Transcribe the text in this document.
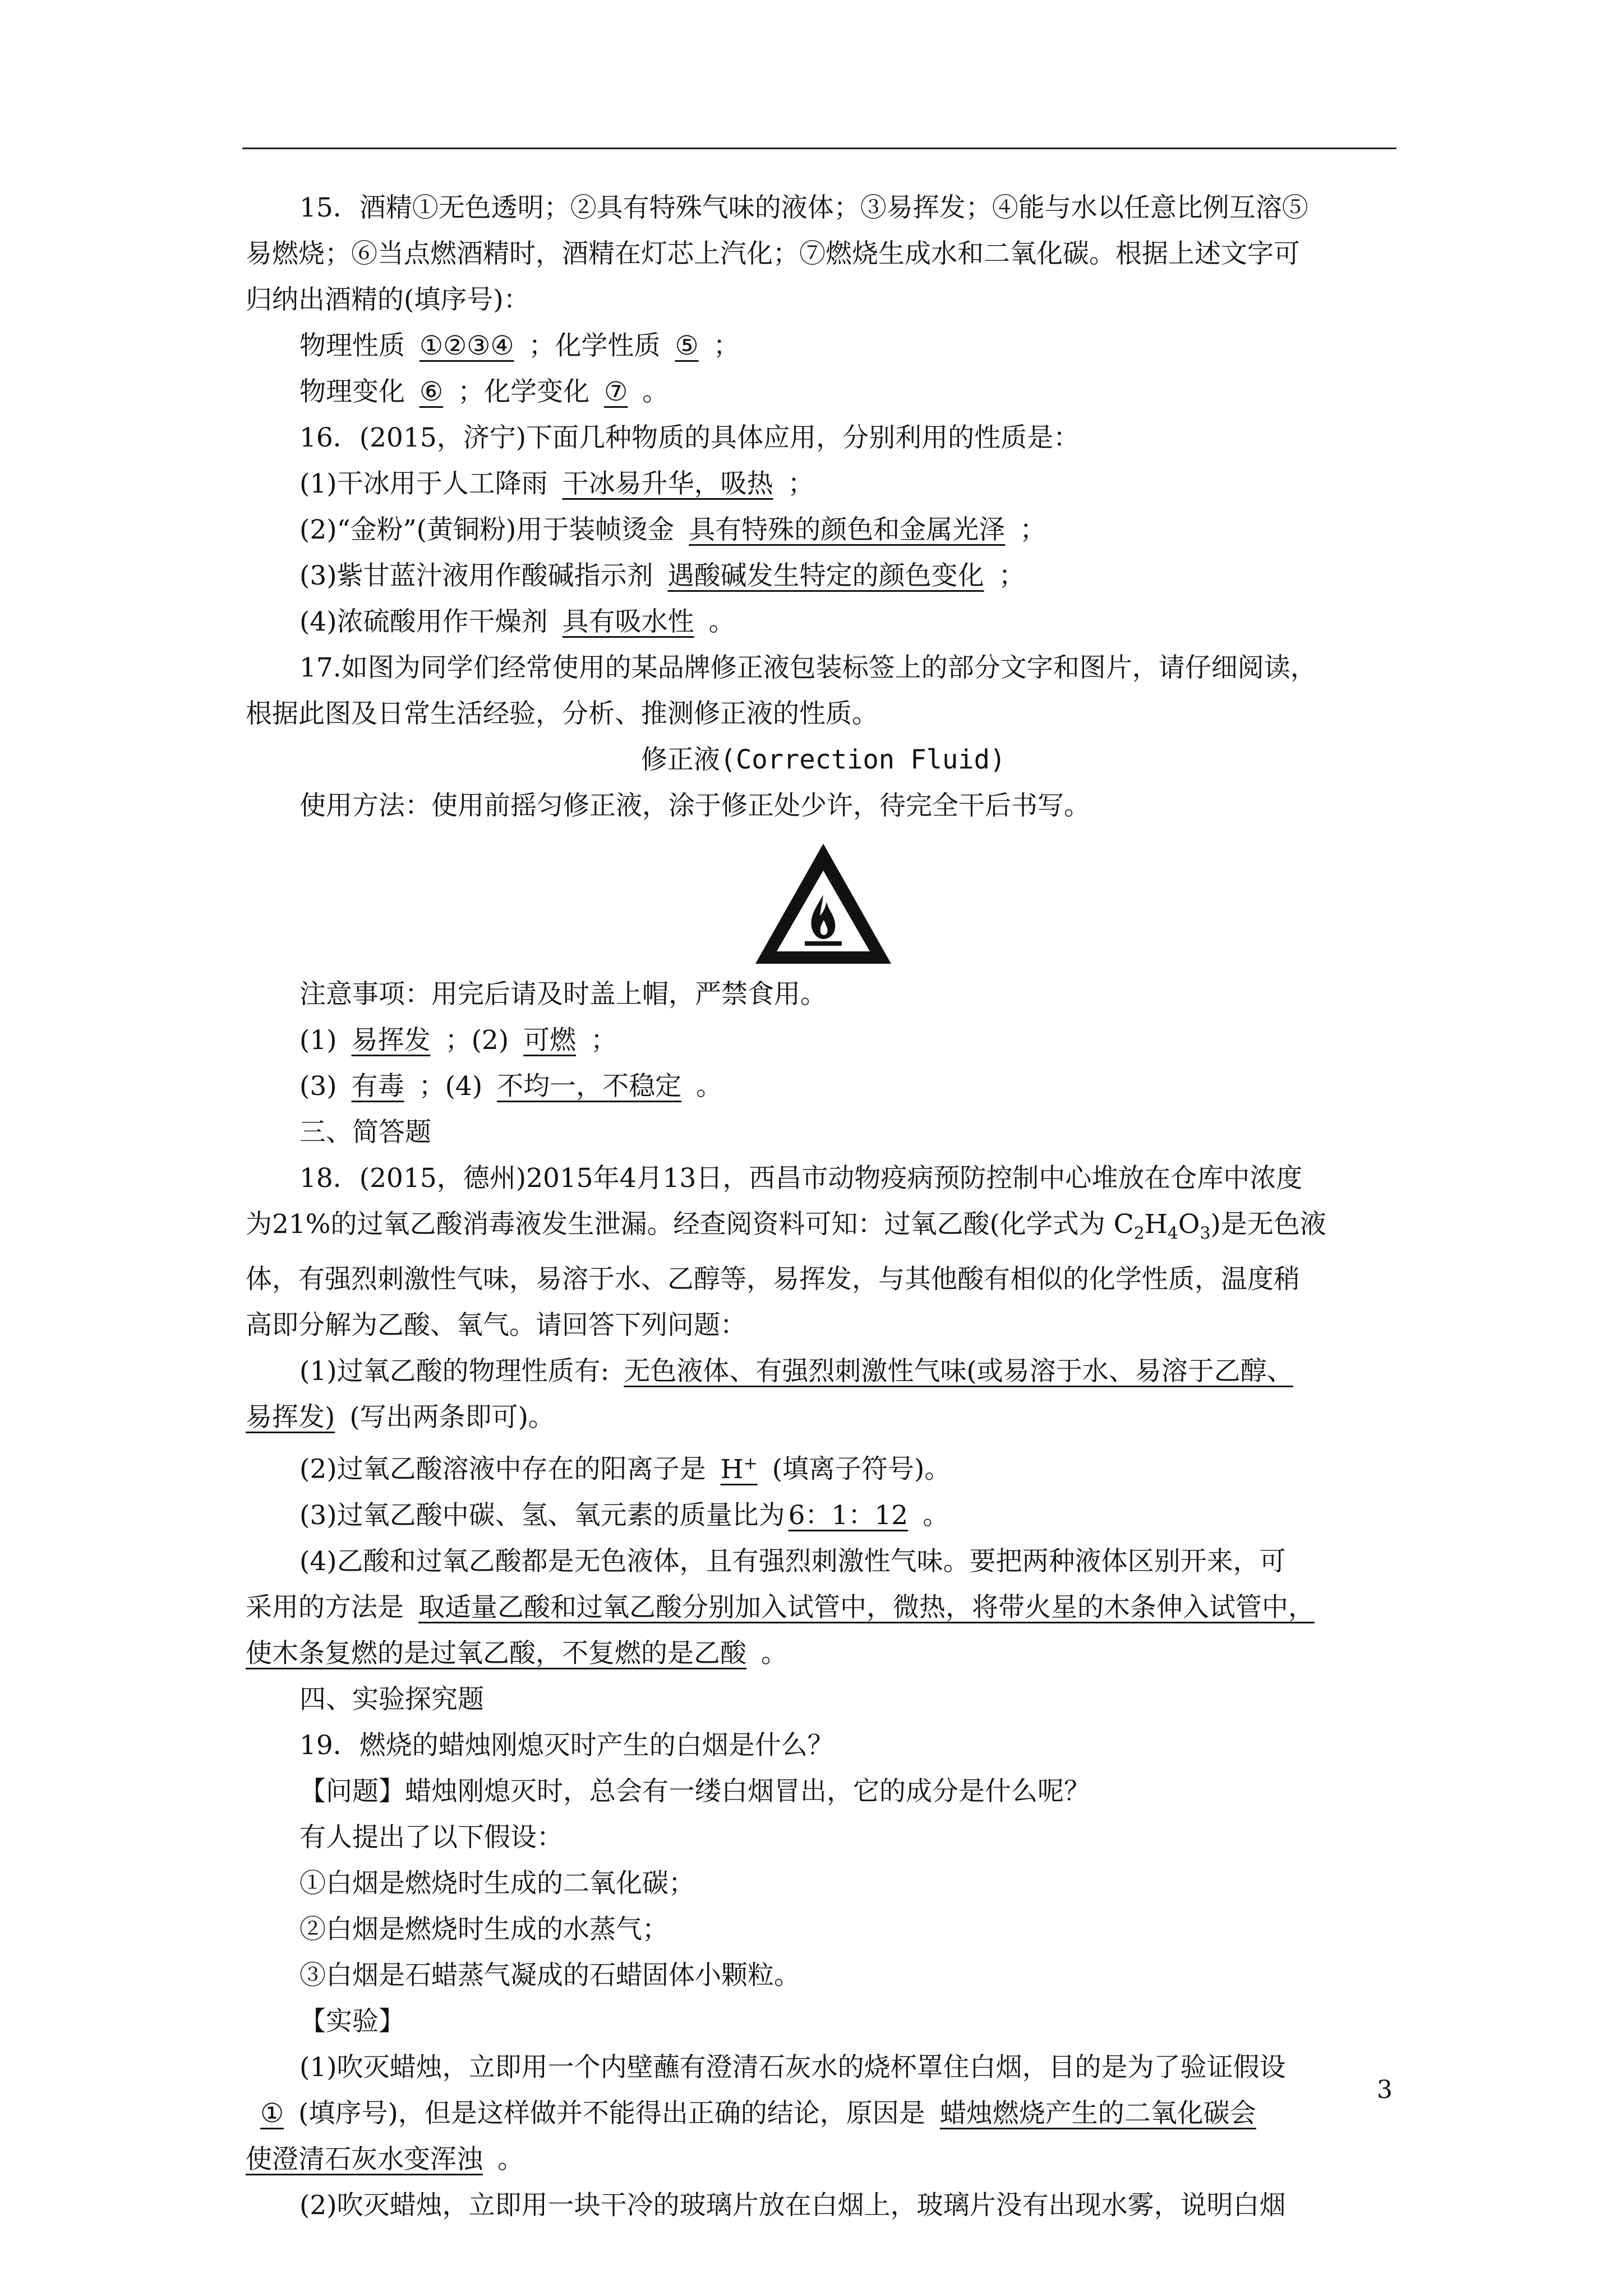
15．酒精①无色透明；②具有特殊气味的液体；③易挥发；④能与水以任意比例互溶⑤

易燃烧；⑥当点燃酒精时，酒精在灯芯上汽化；⑦燃烧生成水和二氧化碳。根据上述文字可

归纳出酒精的(填序号)：

物理性质 ①②③④ ；化学性质 ⑤ ；

物理变化 ⑥ ；化学变化 ⑦ 。

16．(2015，济宁)下面几种物质的具体应用，分别利用的性质是：

(1)干冰用于人工降雨 干冰易升华，吸热 ；

(2)“金粉”(黄铜粉)用于装帧烫金 具有特殊的颜色和金属光泽 ；

(3)紫甘蓝汁液用作酸碱指示剂 遇酸碱发生特定的颜色变化 ；

(4)浓硫酸用作干燥剂 具有吸水性 。

17.如图为同学们经常使用的某品牌修正液包装标签上的部分文字和图片，请仔细阅读，

根据此图及日常生活经验，分析、推测修正液的性质。

修正液(Correction Fluid)

使用方法：使用前摇匀修正液，涂于修正处少许，待完全干后书写。

注意事项：用完后请及时盖上帽，严禁食用。

(1) 易挥发 ；(2) 可燃 ；

(3) 有毒 ；(4) 不均一，不稳定 。

三、简答题

18．(2015，德州)2015年4月13日，西昌市动物疫病预防控制中心堆放在仓库中浓度

为21%的过氧乙酸消毒液发生泄漏。经查阅资料可知：过氧乙酸(化学式为 $C_2H_4O_3$)是无色液

体，有强烈刺激性气味，易溶于水、乙醇等，易挥发，与其他酸有相似的化学性质，温度稍

高即分解为乙酸、氧气。请回答下列问题：

(1)过氧乙酸的物理性质有: 无色液体、有强烈刺激性气味(或易溶于水、易溶于乙醇、

易挥发) (写出两条即可)。

(2)过氧乙酸溶液中存在的阳离子是 H+ (填离子符号)。

(3)过氧乙酸中碳、氢、氧元素的质量比为 6：1：12 。

(4)乙酸和过氧乙酸都是无色液体，且有强烈刺激性气味。要把两种液体区别开来，可

采用的方法是 取适量乙酸和过氧乙酸分别加入试管中，微热，将带火星的木条伸入试管中，

使木条复燃的是过氧乙酸，不复燃的是乙酸 。

四、实验探究题

19．燃烧的蜡烛刚熄灭时产生的白烟是什么？

【问题】蜡烛刚熄灭时，总会有一缕白烟冒出，它的成分是什么呢？

有人提出了以下假设：

①白烟是燃烧时生成的二氧化碳；

②白烟是燃烧时生成的水蒸气；

③白烟是石蜡蒸气凝成的石蜡固体小颗粒。

【实验】

(1)吹灭蜡烛，立即用一个内壁蘸有澄清石灰水的烧杯罩住白烟，目的是为了验证假设

① (填序号)，但是这样做并不能得出正确的结论，原因是 蜡烛燃烧产生的二氧化碳会

使澄清石灰水变浑浊 。

(2)吹灭蜡烛，立即用一块干冷的玻璃片放在白烟上，玻璃片没有出现水雾，说明白烟

3
